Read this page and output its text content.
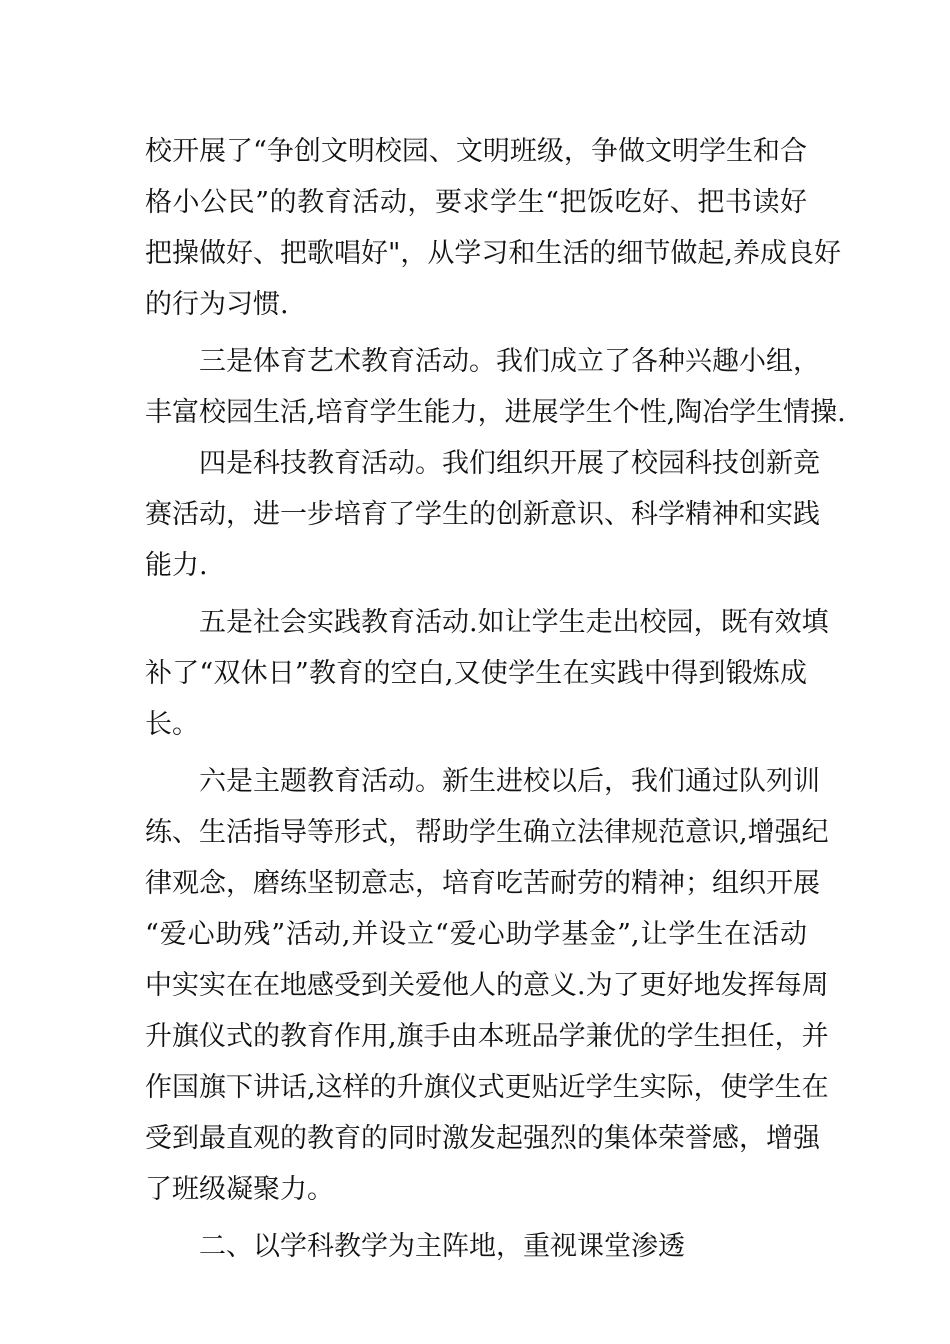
校开展了“争创文明校园、文明班级，争做文明学生和合
格小公民”的教育活动，要求学生“把饭吃好、把书读好
把操做好、把歌唱好"，从学习和生活的细节做起,养成良好
的行为习惯.
三是体育艺术教育活动。我们成立了各种兴趣小组，
丰富校园生活,培育学生能力，进展学生个性,陶冶学生情操.
四是科技教育活动。我们组织开展了校园科技创新竞
赛活动，进一步培育了学生的创新意识、科学精神和实践
能力.
五是社会实践教育活动.如让学生走出校园，既有效填
补了“双休日”教育的空白,又使学生在实践中得到锻炼成
长。
六是主题教育活动。新生进校以后，我们通过队列训
练、生活指导等形式，帮助学生确立法律规范意识,增强纪
律观念，磨练坚韧意志，培育吃苦耐劳的精神；组织开展
“爱心助残”活动,并设立“爱心助学基金”,让学生在活动
中实实在在地感受到关爱他人的意义.为了更好地发挥每周
升旗仪式的教育作用,旗手由本班品学兼优的学生担任，并
作国旗下讲话,这样的升旗仪式更贴近学生实际，使学生在
受到最直观的教育的同时激发起强烈的集体荣誉感，增强
了班级凝聚力。
二、以学科教学为主阵地，重视课堂渗透
